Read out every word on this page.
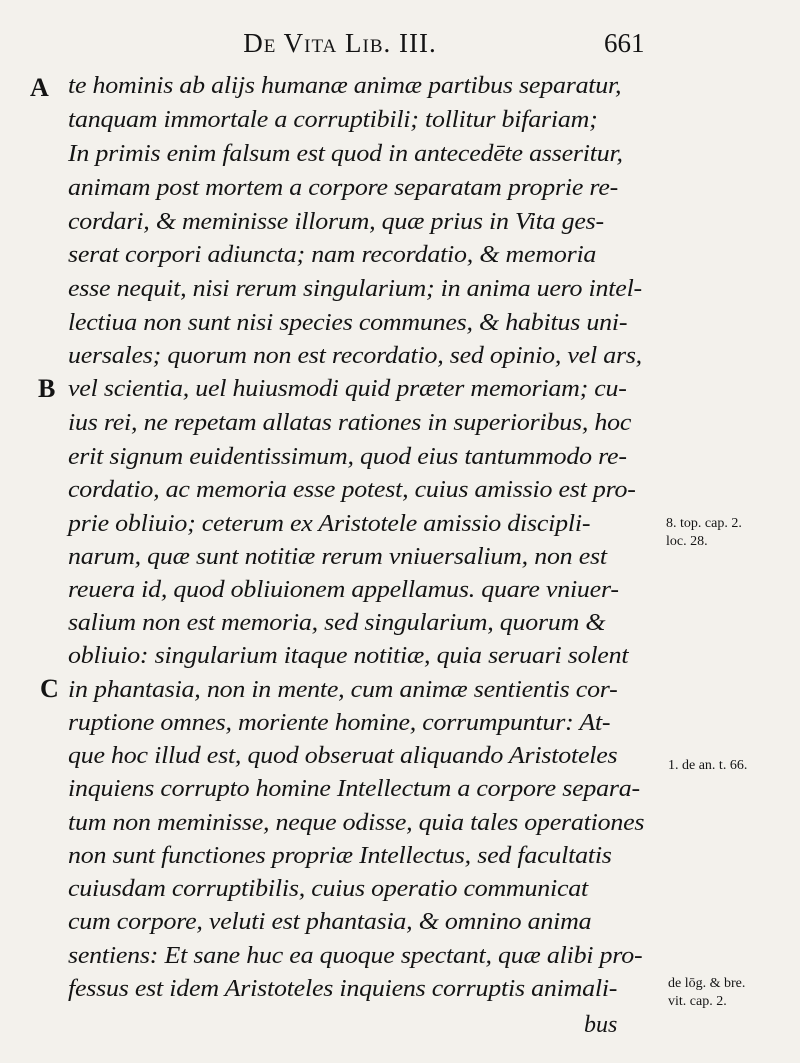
De Vita Lib. III.	661
A
B
C
te hominis ab alijs humanæ animæ partibus separatur,
tanquam immortale a corruptibili; tollitur bifariam;
In primis enim falsum est quod in antecedēte asseritur,
animam post mortem a corpore separatam proprie re-
cordari, & meminisse illorum, quæ prius in Vita ges-
serat corpori adiuncta; nam recordatio, & memoria
esse nequit, nisi rerum singularium; in anima uero intel-
lectiua non sunt nisi species communes, & habitus uni-
uersales; quorum non est recordatio, sed opinio, vel ars,
vel scientia, uel huiusmodi quid præter memoriam; cu-
ius rei, ne repetam allatas rationes in superioribus, hoc
erit signum euidentissimum, quod eius tantummodo re-
cordatio, ac memoria esse potest, cuius amissio est pro-
prie obliuio; ceterum ex Aristotele amissio discipli-
narum, quæ sunt notitiæ rerum vniuersalium, non est
reuera id, quod obliuionem appellamus. quare vniuer-
salium non est memoria, sed singularium, quorum &
obliuio: singularium itaque notitiæ, quia seruari solent
in phantasia, non in mente, cum animæ sentientis cor-
ruptione omnes, moriente homine, corrumpuntur: At-
que hoc illud est, quod obseruat aliquando Aristoteles
inquiens corrupto homine Intellectum a corpore separa-
tum non meminisse, neque odisse, quia tales operationes
non sunt functiones propriæ Intellectus, sed facultatis
cuiusdam corruptibilis, cuius operatio communicat
cum corpore, veluti est phantasia, & omnino anima
sentiens: Et sane huc ea quoque spectant, quæ alibi pro-
fessus est idem Aristoteles inquiens corruptis animali-
bus
8. top. cap. 2.
loc. 28.
1. de an. t. 66.
de lōg. & bre.
vit. cap. 2.
